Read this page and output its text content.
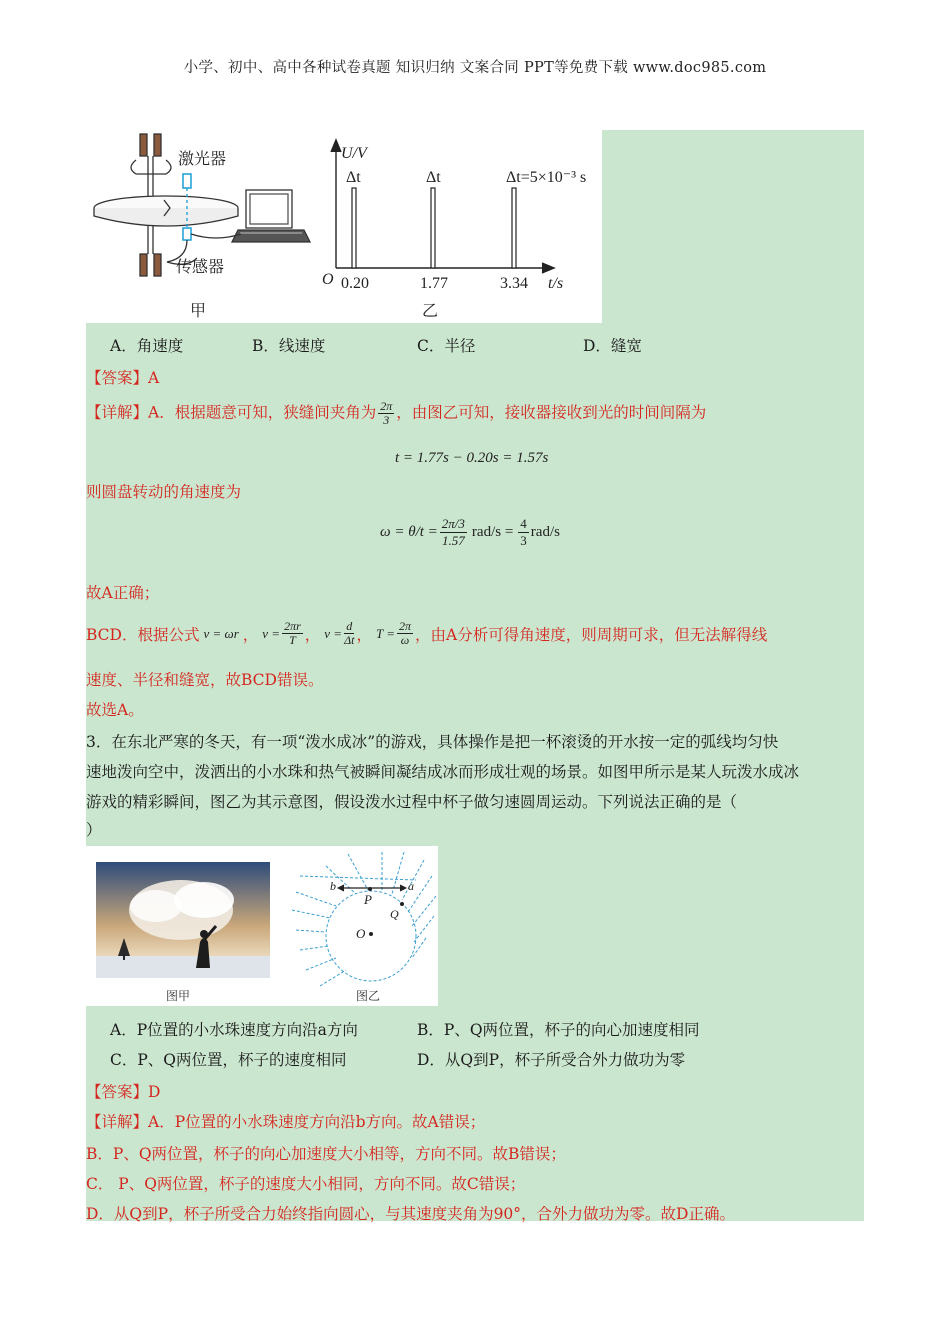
小学、初中、高中各种试卷真题 知识归纳 文案合同 PPT等免费下载 www.doc985.com
激光器
传感器
甲
U/V
t/s
O
Δt	Δt	Δt=5×10⁻³ s
0.20	1.77	3.34
乙
A．角速度	B．线速度	C．半径	D．缝宽
【答案】A
【详解】A．根据题意可知，狭缝间夹角为 $\frac{2\pi}{3}$ ，由图乙可知，接收器接收到光的时间间隔为
t = 1.77s − 0.20s = 1.57s
则圆盘转动的角速度为
$\omega = \theta/t = \frac{2\pi/3}{1.57} rad/s = \frac{4}{3} rad/s$
故A正确；
BCD．根据公式 v = ωr ， $v = \frac{2\pi r}{T}$ ， $v = \frac{d}{\Delta t}$ ， $T = \frac{2\pi}{\omega}$ ，由A分析可得角速度，则周期可求，但无法解得线
速度、半径和缝宽，故BCD错误。
故选A。
3．在东北严寒的冬天，有一项“泼水成冰”的游戏，具体操作是把一杯滚烫的开水按一定的弧线均匀快
速地泼向空中，泼洒出的小水珠和热气被瞬间凝结成冰而形成壮观的场景。如图甲所示是某人玩泼水成冰
游戏的精彩瞬间，图乙为其示意图，假设泼水过程中杯子做匀速圆周运动。下列说法正确的是（
）
图甲
b	a
P
Q
O
图乙
A．P位置的小水珠速度方向沿a方向	B．P、Q两位置，杯子的向心加速度相同
C．P、Q两位置，杯子的速度相同	D．从Q到P，杯子所受合外力做功为零
【答案】D
【详解】A．P位置的小水珠速度方向沿b方向。故A错误；
B．P、Q两位置，杯子的向心加速度大小相等，方向不同。故B错误；
C． P、Q两位置，杯子的速度大小相同，方向不同。故C错误；
D．从Q到P，杯子所受合力始终指向圆心，与其速度夹角为90°，合外力做功为零。故D正确。
